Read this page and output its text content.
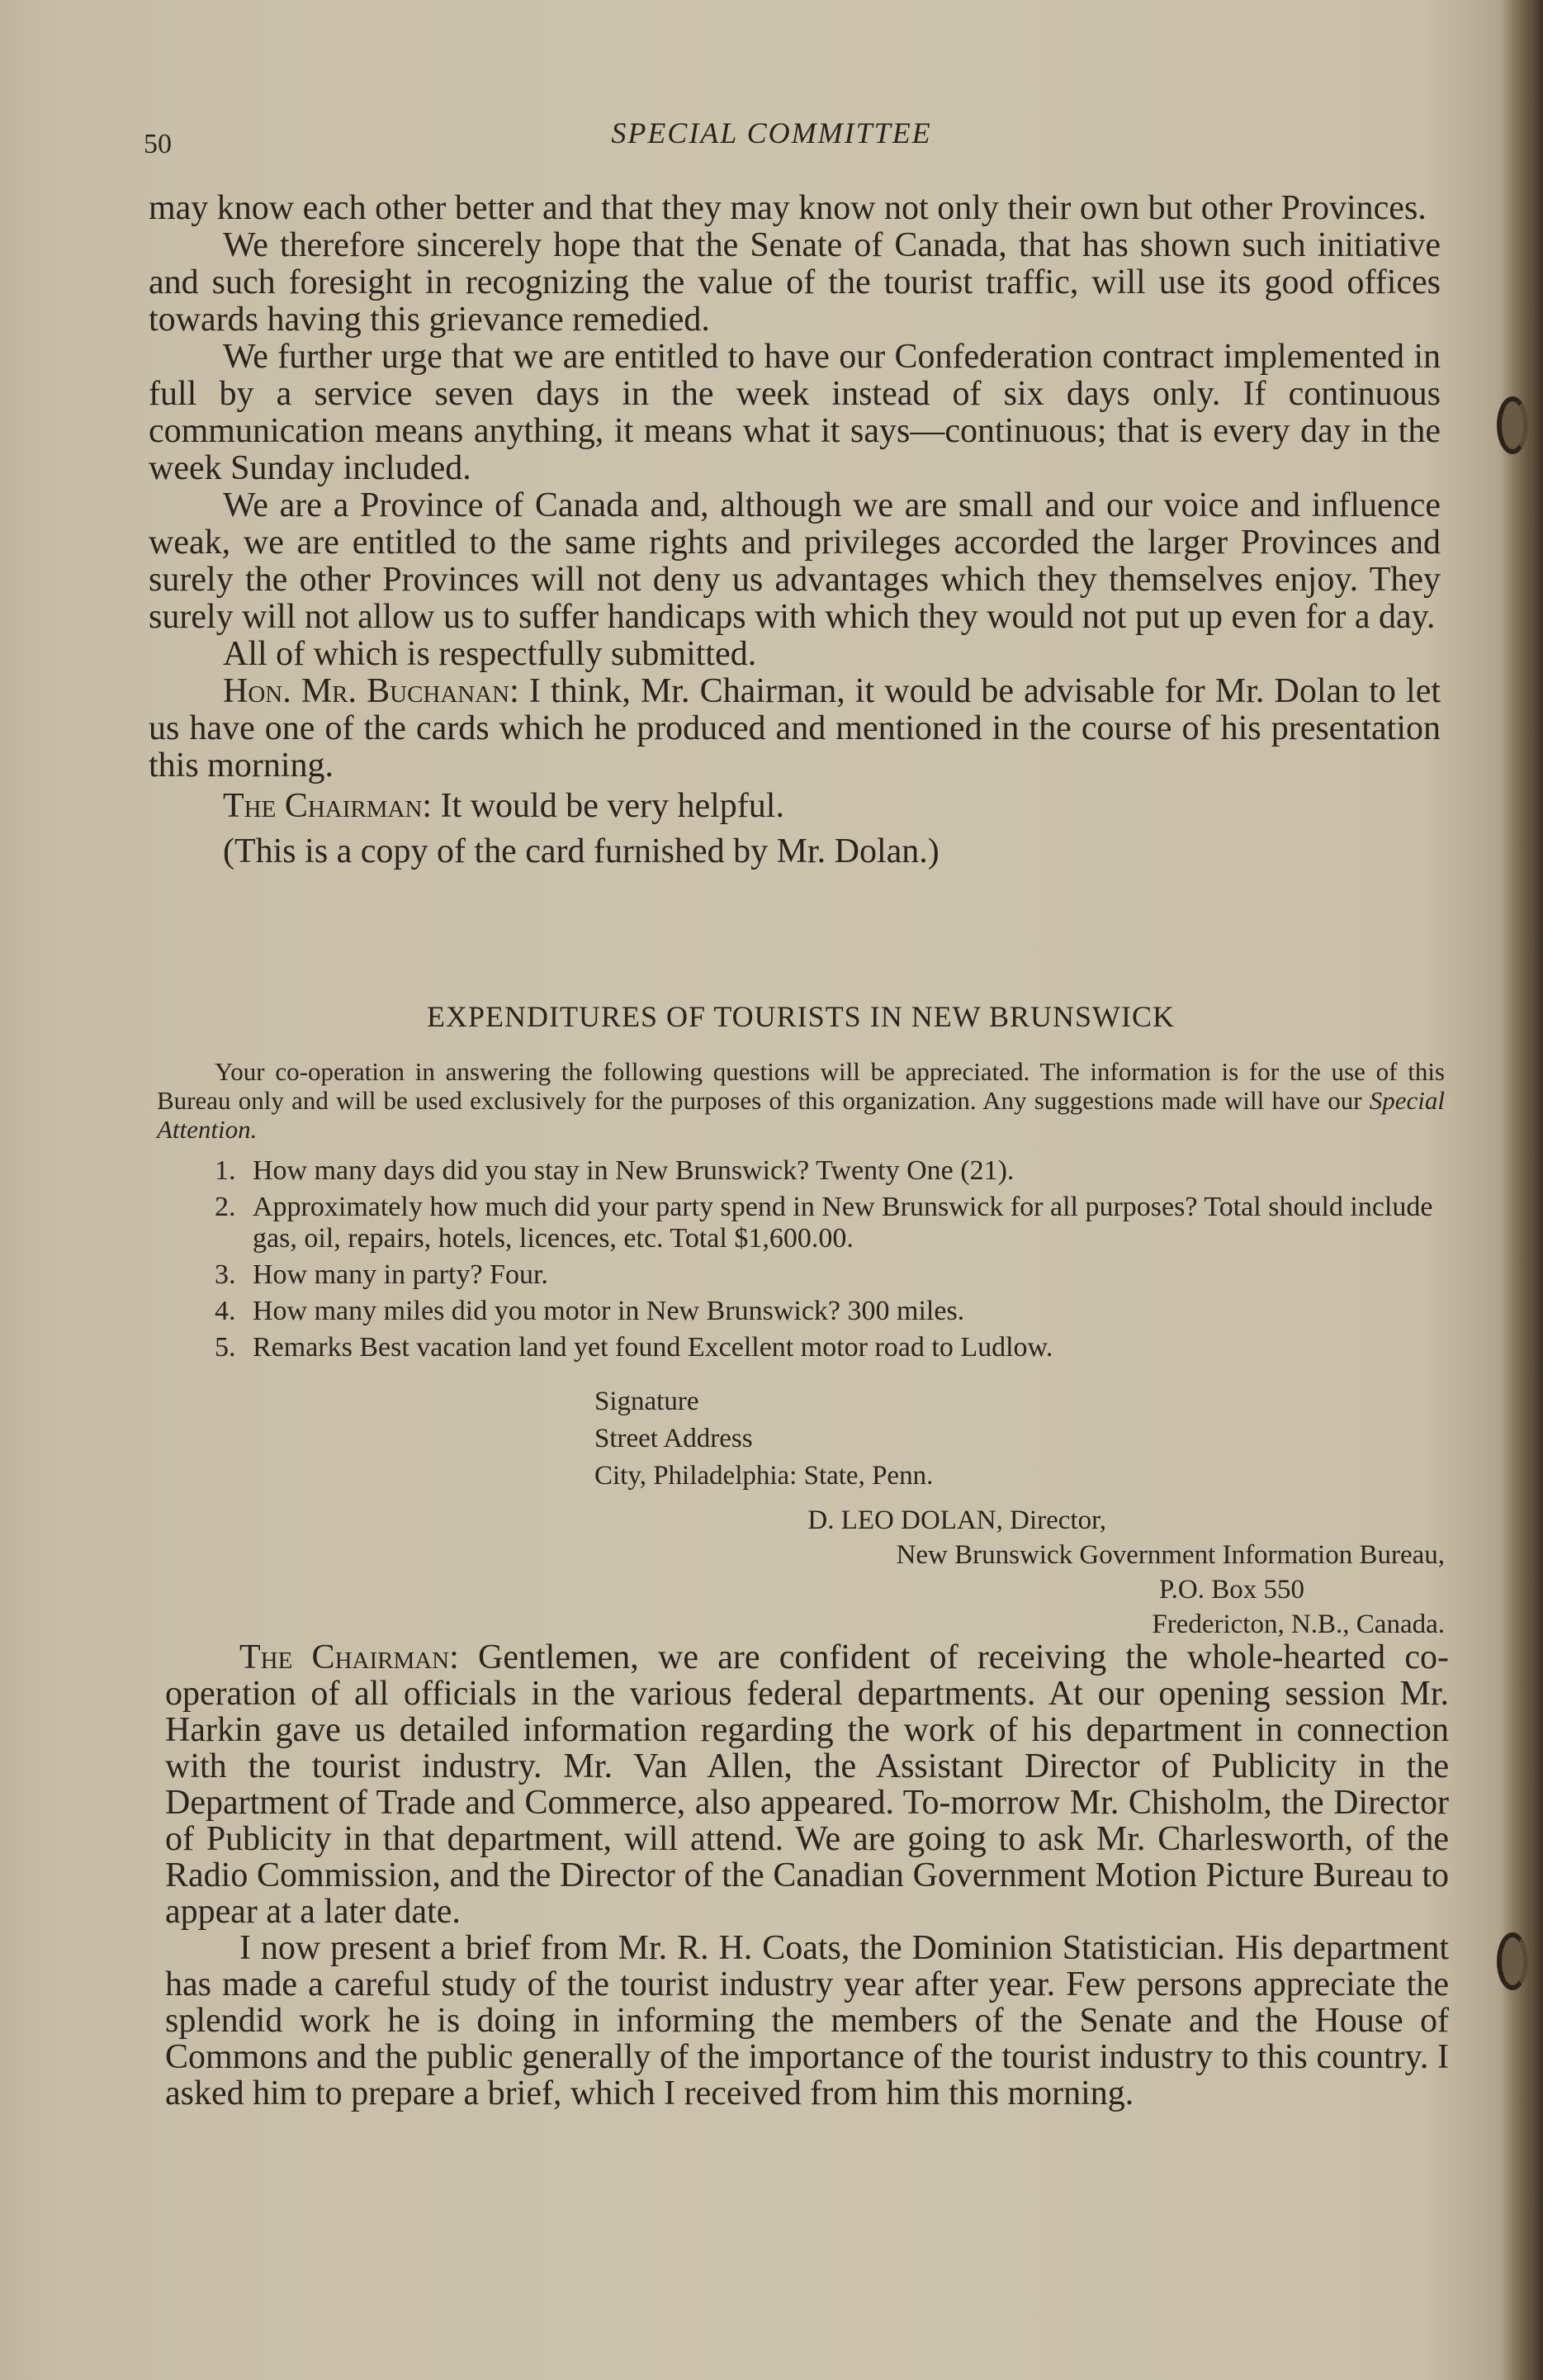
50	SPECIAL COMMITTEE

may know each other better and that they may know not only their own but other Provinces.

We therefore sincerely hope that the Senate of Canada, that has shown such initiative and such foresight in recognizing the value of the tourist traffic, will use its good offices towards having this grievance remedied.

We further urge that we are entitled to have our Confederation contract implemented in full by a service seven days in the week instead of six days only. If continuous communication means anything, it means what it says—continuous; that is every day in the week Sunday included.

We are a Province of Canada and, although we are small and our voice and influence weak, we are entitled to the same rights and privileges accorded the larger Provinces and surely the other Provinces will not deny us advantages which they themselves enjoy. They surely will not allow us to suffer handicaps with which they would not put up even for a day.

All of which is respectfully submitted.

Hon. Mr. Buchanan: I think, Mr. Chairman, it would be advisable for Mr. Dolan to let us have one of the cards which he produced and mentioned in the course of his presentation this morning.

The Chairman: It would be very helpful.

(This is a copy of the card furnished by Mr. Dolan.)

EXPENDITURES OF TOURISTS IN NEW BRUNSWICK

Your co-operation in answering the following questions will be appreciated. The information is for the use of this Bureau only and will be used exclusively for the purposes of this organization. Any suggestions made will have our Special Attention.

1. How many days did you stay in New Brunswick? Twenty One (21).
2. Approximately how much did your party spend in New Brunswick for all purposes? Total should include gas, oil, repairs, hotels, licences, etc. Total $1,600.00.
3. How many in party? Four.
4. How many miles did you motor in New Brunswick? 300 miles.
5. Remarks Best vacation land yet found Excellent motor road to Ludlow.
Signature
Street Address
City, Philadelphia: State, Penn.
D. LEO DOLAN, Director,
New Brunswick Government Information Bureau,
P.O. Box 550
Fredericton, N.B., Canada.

The Chairman: Gentlemen, we are confident of receiving the whole-hearted co-operation of all officials in the various federal departments. At our opening session Mr. Harkin gave us detailed information regarding the work of his department in connection with the tourist industry. Mr. Van Allen, the Assistant Director of Publicity in the Department of Trade and Commerce, also appeared. To-morrow Mr. Chisholm, the Director of Publicity in that department, will attend. We are going to ask Mr. Charlesworth, of the Radio Commission, and the Director of the Canadian Government Motion Picture Bureau to appear at a later date.

I now present a brief from Mr. R. H. Coats, the Dominion Statistician. His department has made a careful study of the tourist industry year after year. Few persons appreciate the splendid work he is doing in informing the members of the Senate and the House of Commons and the public generally of the importance of the tourist industry to this country. I asked him to prepare a brief, which I received from him this morning.
